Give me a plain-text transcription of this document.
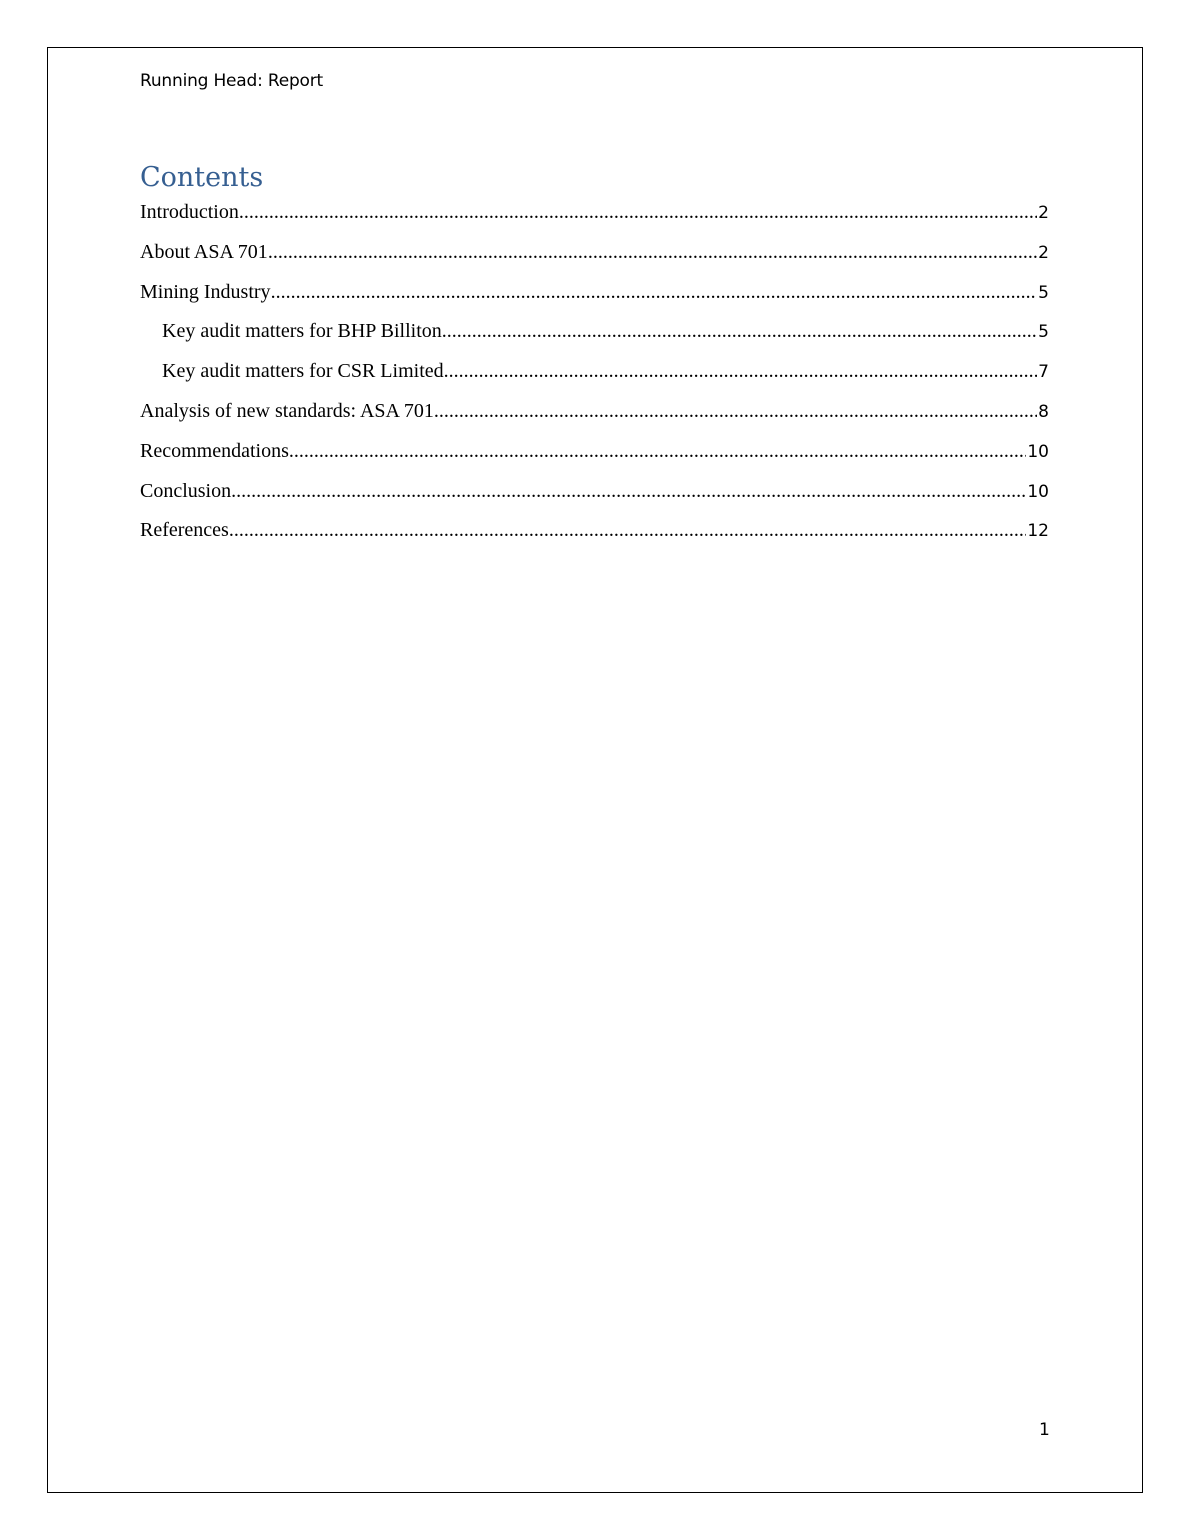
Running Head: Report
Contents
Introduction .....	2
About ASA 701 .....	2
Mining Industry .....	5
Key audit matters for BHP Billiton .....	5
Key audit matters for CSR Limited .....	7
Analysis of new standards: ASA 701 .....	8
Recommendations .....	10
Conclusion .....	10
References .....	12
1
